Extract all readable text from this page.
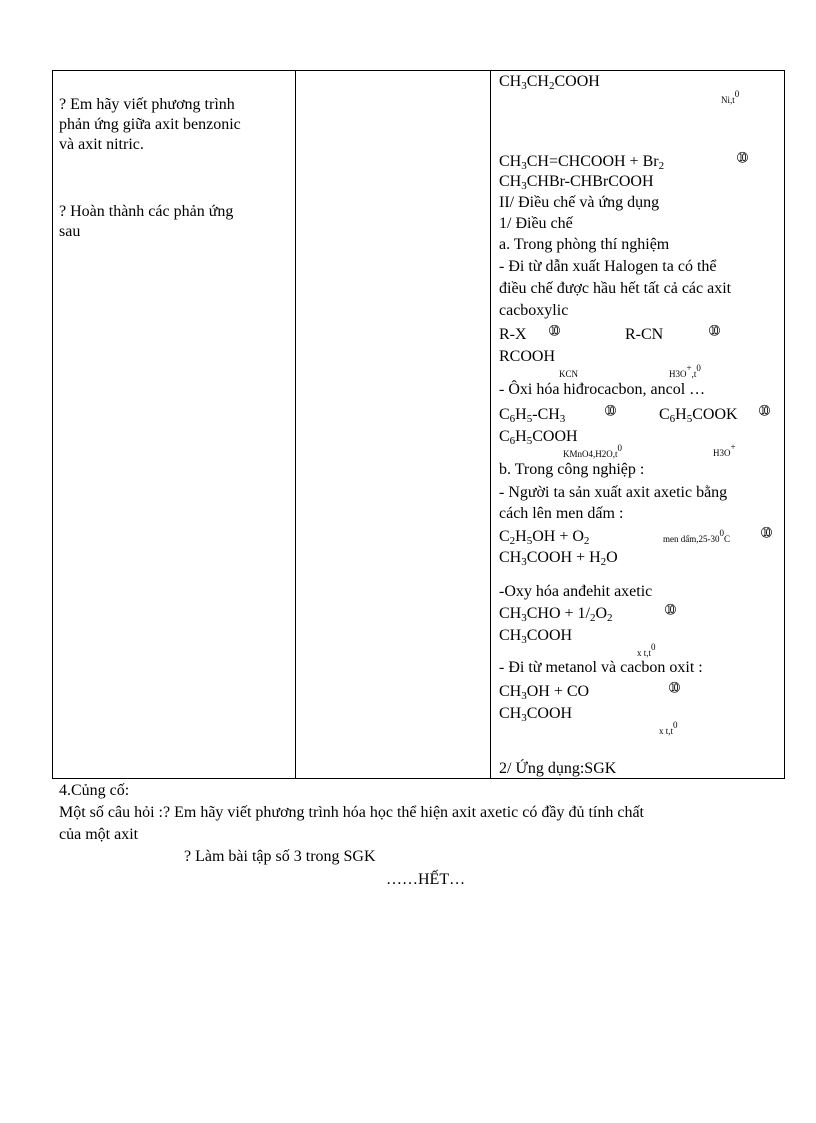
? Em hãy viết phương trình
phản ứng giữa axit benzonic
và axit nitric.
? Hoàn thành các phản ứng
sau
$CH_3CH_2COOH$
$Ni,t^0$
$CH_3CH=CHCOOH + Br_2$	➉
$CH_3CHBr$-CHBrCOOH
II/ Điều chế và ứng dụng
1/ Điều chế
a. Trong phòng thí nghiệm
- Đi từ dẫn xuất Halogen ta có thể
điều chế được hầu hết tất cả các axit
cacboxylic
R-X ➉	R-CN	➉
RCOOH
KCN	$H3O^+,t^0$
- Ôxi hóa hiđrocacbon, ancol …
$C_6H_5-CH_3$	➉	$C_6H_5COOK$ ➉
$C_6H_5COOH$
$KMnO4,H2O,t^0$	H3O+
b. Trong công nghiệp :
- Người ta sản xuất axit axetic bằng
cách lên men dấm :
$C_2H_5OH + O_2$	men $dấm,25-30^0C$ ➉
$CH_3COOH + H_2O$
-Oxy hóa anđehit axetic
$CH_3CHO + 1/_2O_2$	➉
$CH_3COOH$
x $t,t^0$
- Đi từ metanol và cacbon oxit :
$CH_3OH$ + CO	➉
$CH_3COOH$
x $t,t^0$
2/ Ứng dụng:SGK
4.Củng cố:
Một số câu hỏi :? Em hãy viết phương trình hóa học thể hiện axit axetic có đầy đủ tính chất
của một axit
? Làm bài tập số 3 trong SGK
……HẾT…
